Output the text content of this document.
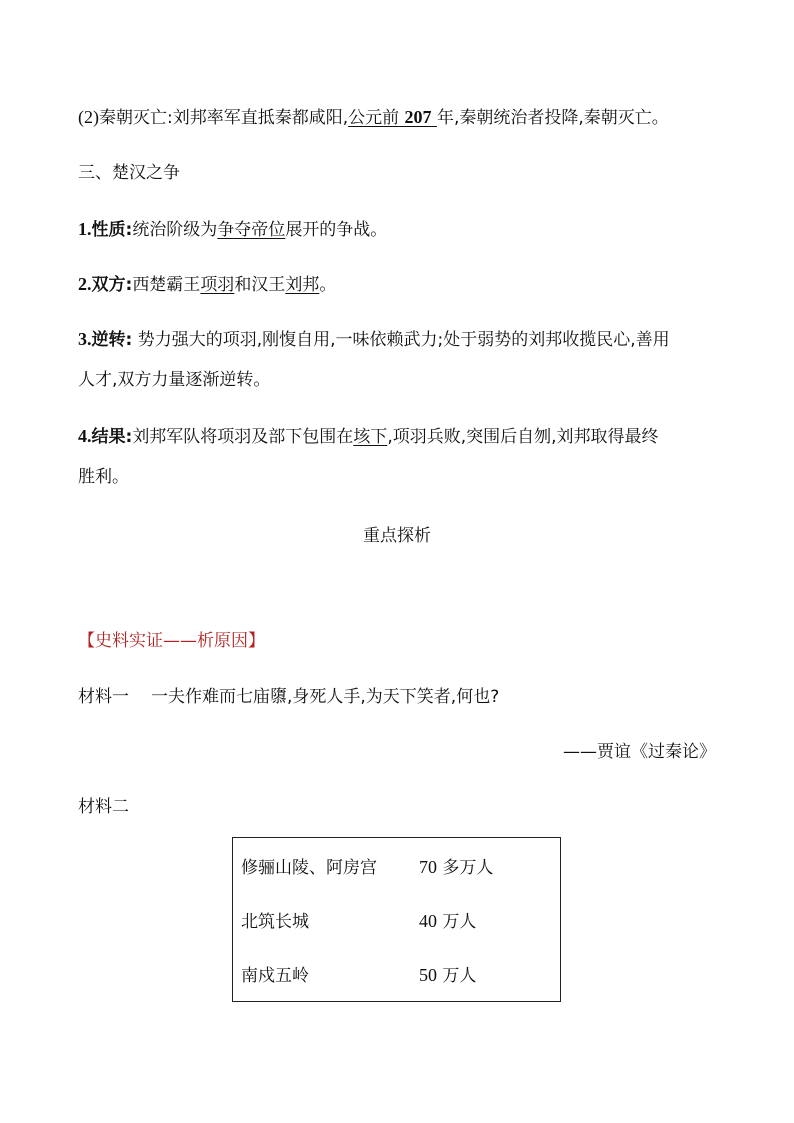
(2)秦朝灭亡:刘邦率军直抵秦都咸阳,公元前 207 年,秦朝统治者投降,秦朝灭亡。
三、楚汉之争
1.性质:统治阶级为争夺帝位展开的争战。
2.双方:西楚霸王项羽和汉王刘邦。
3.逆转: 势力强大的项羽,刚愎自用,一味依赖武力;处于弱势的刘邦收揽民心,善用
人才,双方力量逐渐逆转。
4.结果:刘邦军队将项羽及部下包围在垓下,项羽兵败,突围后自刎,刘邦取得最终
胜利。
重点探析
【史料实证——析原因】
材料一 一夫作难而七庙隳,身死人手,为天下笑者,何也?
——贾谊《过秦论》
材料二
修骊山陵、阿房宫	70 多万人
北筑长城	40 万人
南戍五岭	50 万人
